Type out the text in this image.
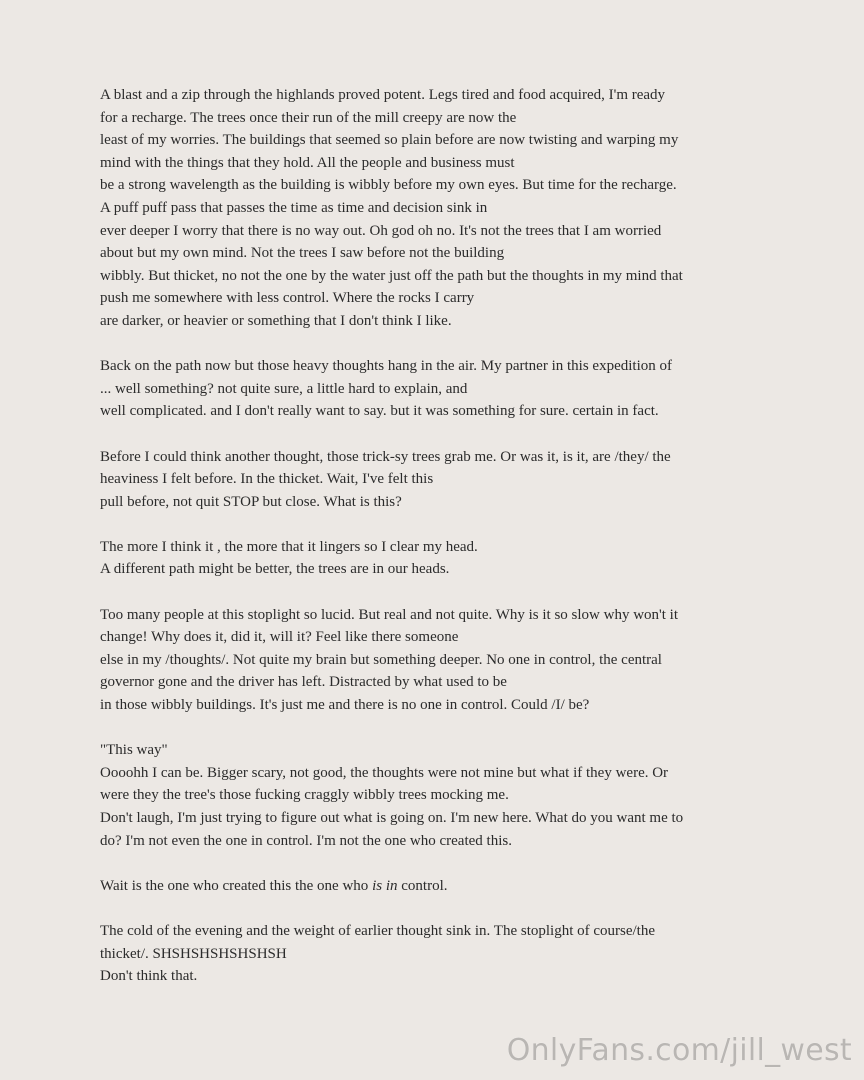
A blast and a zip through the highlands proved potent. Legs tired and food acquired, I'm ready
for a recharge. The trees once their run of the mill creepy are now the
least of my worries. The buildings that seemed so plain before are now twisting and warping my
mind with the things that they hold. All the people and business must
be a strong wavelength as the building is wibbly before my own eyes. But time for the recharge.
A puff puff pass that passes the time as time and decision sink in
ever deeper I worry that there is no way out. Oh god oh no. It's not the trees that I am worried
about but my own mind. Not the trees I saw before not the building
wibbly. But thicket, no not the one by the water just off the path but the thoughts in my mind that
push me somewhere with less control. Where the rocks I carry
are darker, or heavier or something that I don't think I like.

Back on the path now but those heavy thoughts hang in the air. My partner in this expedition of
... well something? not quite sure, a little hard to explain, and
well complicated. and I don't really want to say. but it was something for sure. certain in fact.

Before I could think another thought, those trick-sy trees grab me. Or was it, is it, are /they/ the
heaviness I felt before. In the thicket. Wait, I've felt this
pull before, not quit STOP but close. What is this?

The more I think it , the more that it lingers so I clear my head.
A different path might be better, the trees are in our heads.

Too many people at this stoplight so lucid. But real and not quite. Why is it so slow why won't it
change! Why does it, did it, will it? Feel like there someone
else in my /thoughts/. Not quite my brain but something deeper. No one in control, the central
governor gone and the driver has left. Distracted by what used to be
in those wibbly buildings. It's just me and there is no one in control. Could /I/ be?

"This way"
Oooohh I can be. Bigger scary, not good, the thoughts were not mine but what if they were. Or
were they the tree's those fucking craggly wibbly trees mocking me.
Don't laugh, I'm just trying to figure out what is going on. I'm new here. What do you want me to
do? I'm not even the one in control. I'm not the one who created this.

Wait is the one who created this the one who is in control.

The cold of the evening and the weight of earlier thought sink in. The stoplight of course/the
thicket/. SHSHSHSHSHSHSH
Don't think that.

OnlyFans.com/jill_west
